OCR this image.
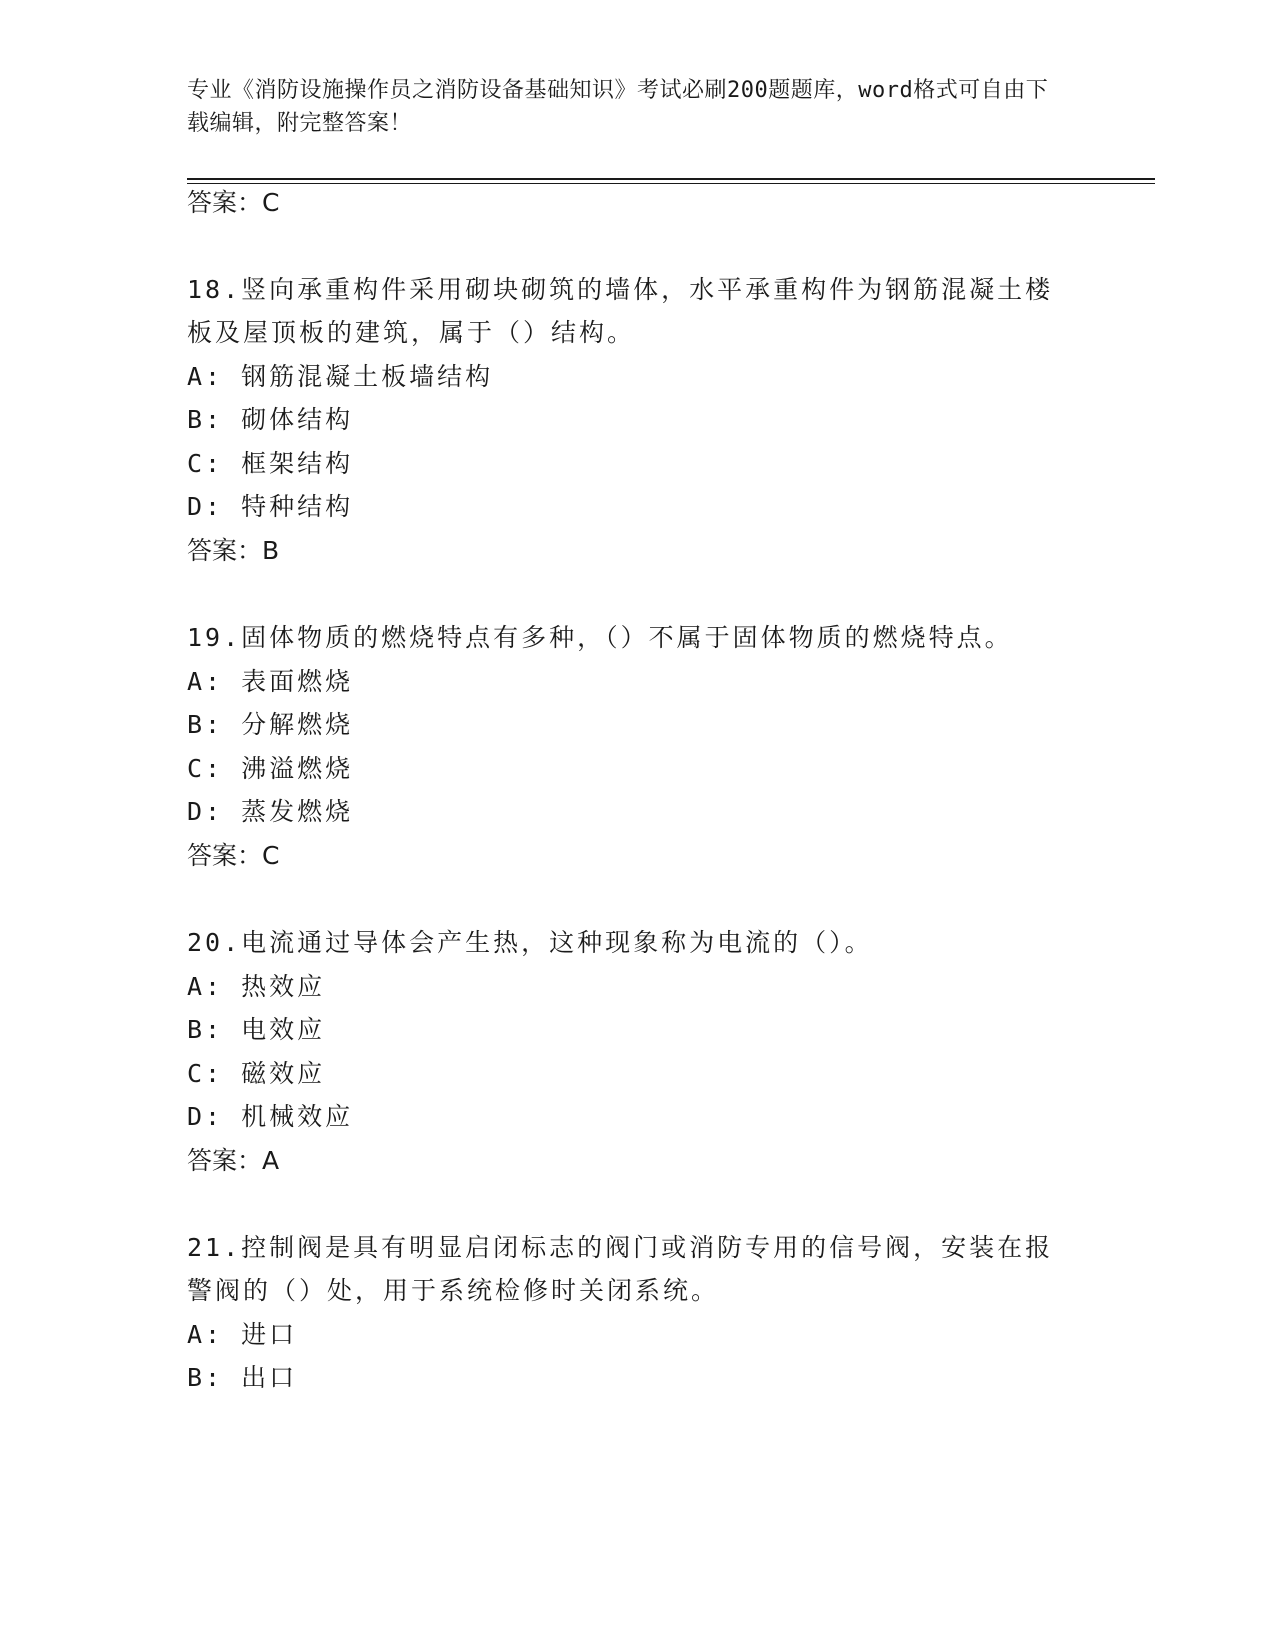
专业《消防设施操作员之消防设备基础知识》考试必刷200题题库，word格式可自由下载编辑，附完整答案！
答案：C
18.竖向承重构件采用砌块砌筑的墙体，水平承重构件为钢筋混凝土楼
板及屋顶板的建筑，属于（）结构。
A: 钢筋混凝土板墙结构
B: 砌体结构
C: 框架结构
D: 特种结构
答案：B
19.固体物质的燃烧特点有多种，（）不属于固体物质的燃烧特点。
A: 表面燃烧
B: 分解燃烧
C: 沸溢燃烧
D: 蒸发燃烧
答案：C
20.电流通过导体会产生热，这种现象称为电流的（）。
A: 热效应
B: 电效应
C: 磁效应
D: 机械效应
答案：A
21.控制阀是具有明显启闭标志的阀门或消防专用的信号阀，安装在报
警阀的（）处，用于系统检修时关闭系统。
A: 进口
B: 出口
